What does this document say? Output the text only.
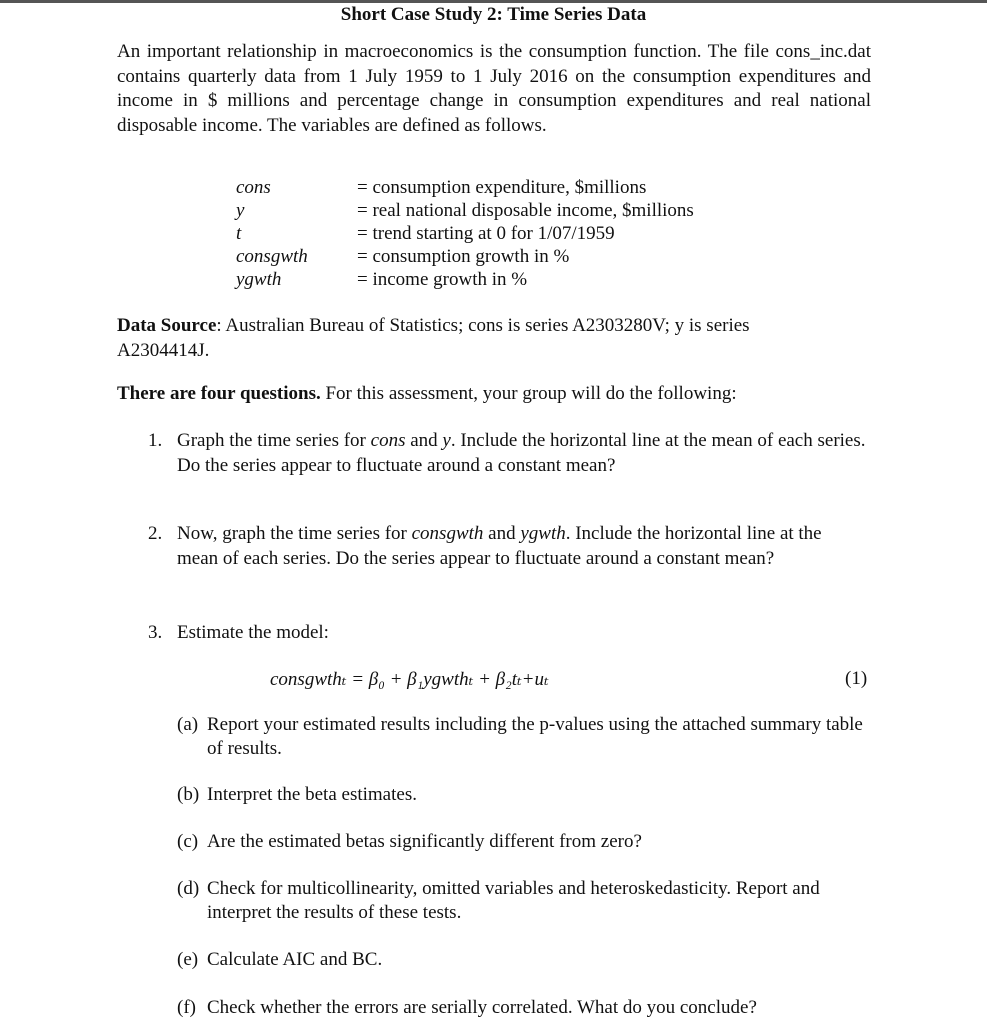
Short Case Study 2: Time Series Data

An important relationship in macroeconomics is the consumption function. The file cons_inc.dat contains quarterly data from 1 July 1959 to 1 July 2016 on the consumption expenditures and income in $ millions and percentage change in consumption expenditures and real national disposable income. The variables are defined as follows.

cons	= consumption expenditure, $millions
y	= real national disposable income, $millions
t	= trend starting at 0 for 1/07/1959
consgwth	= consumption growth in %
ygwth	= income growth in %

Data Source: Australian Bureau of Statistics; cons is series A2303280V; y is series A2304414J.

There are four questions. For this assessment, your group will do the following:

1. Graph the time series for cons and y. Include the horizontal line at the mean of each series. Do the series appear to fluctuate around a constant mean?
2. Now, graph the time series for consgwth and ygwth. Include the horizontal line at the mean of each series. Do the series appear to fluctuate around a constant mean?
3. Estimate the model:
consgwthₜ = β₀ + β₁ygwthₜ + β₂tₜ+uₜ	(1)
(a) Report your estimated results including the p-values using the attached summary table of results.
(b) Interpret the beta estimates.
(c) Are the estimated betas significantly different from zero?
(d) Check for multicollinearity, omitted variables and heteroskedasticity. Report and interpret the results of these tests.
(e) Calculate AIC and BC.
(f) Check whether the errors are serially correlated. What do you conclude?
